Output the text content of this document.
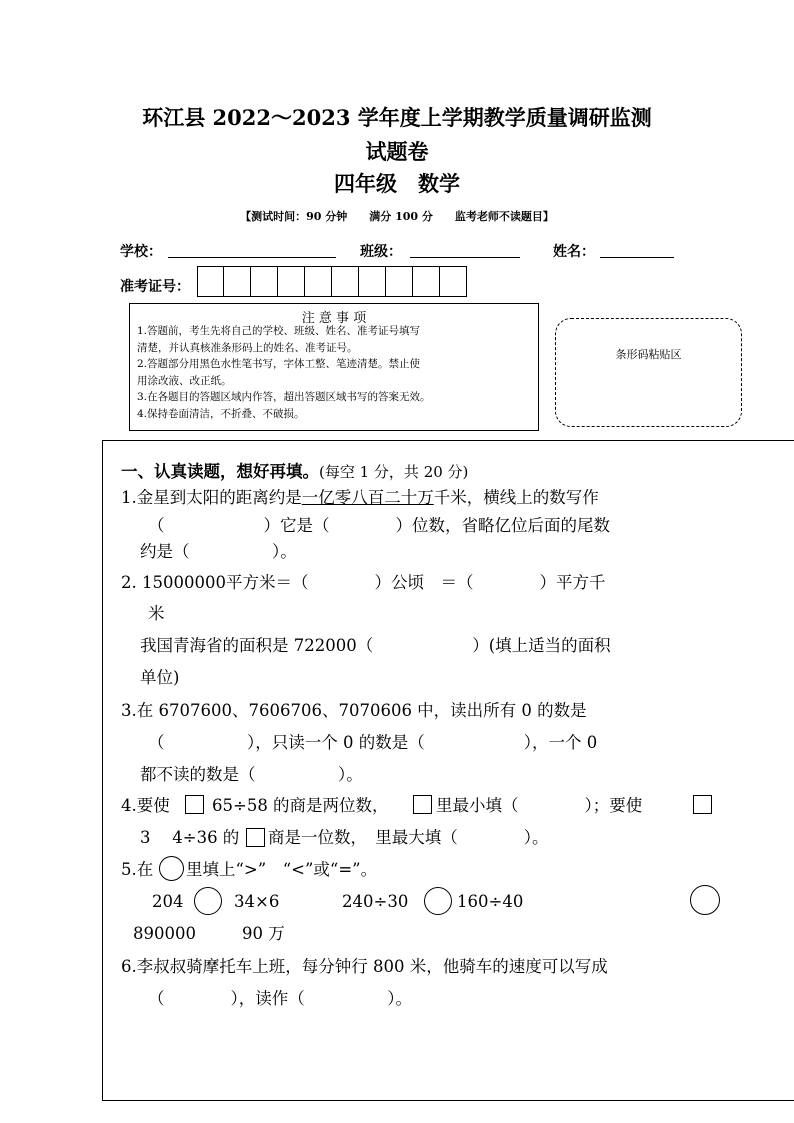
环江县 2022～2023 学年度上学期教学质量调研监测
试题卷
四年级　数学
【测试时间：90 分钟　　满分 100 分　　监考老师不读题目】
学校：	班级：	姓名：
准考证号：
注 意 事 项
1.答题前，考生先将自己的学校、班级、姓名、准考证号填写
清楚，并认真核准条形码上的姓名、准考证号。
2.答题部分用黑色水性笔书写，字体工整、笔迹清楚。禁止使
用涂改液、改正纸。
3.在各题目的答题区域内作答，超出答题区域书写的答案无效。
4.保持卷面清洁，不折叠、不破损。
条形码粘贴区
一、认真读题，想好再填。(每空 1 分，共 20 分)
1.金星到太阳的距离约是一亿零八百二十万千米，横线上的数写作
（　　　　　　）它是（　　　　）位数，省略亿位后面的尾数
约是（　　　　　）。
2. 15000000平方米＝（　　　　）公顷　＝（　　　　）平方千
米
我国青海省的面积是 722000（　　　　　　）(填上适当的面积
单位)
3.在 6707600、7606706、7070606 中，读出所有 0 的数是
（　　　　　），只读一个 0 的数是（　　　　　　），一个 0
都不读的数是（　　　　　）。
4.要使	65÷58 的商是两位数，	里最小填（　　　　）；要使
3　 4÷36 的 商是一位数，　里最大填（　　　　）。
5.在 里填上“>”　“<”或“=”。
204	34×6	240÷30	160÷40
890000	90 万
6.李叔叔骑摩托车上班，每分钟行 800 米，他骑车的速度可以写成
（　　　　），读作（　　　　　）。
